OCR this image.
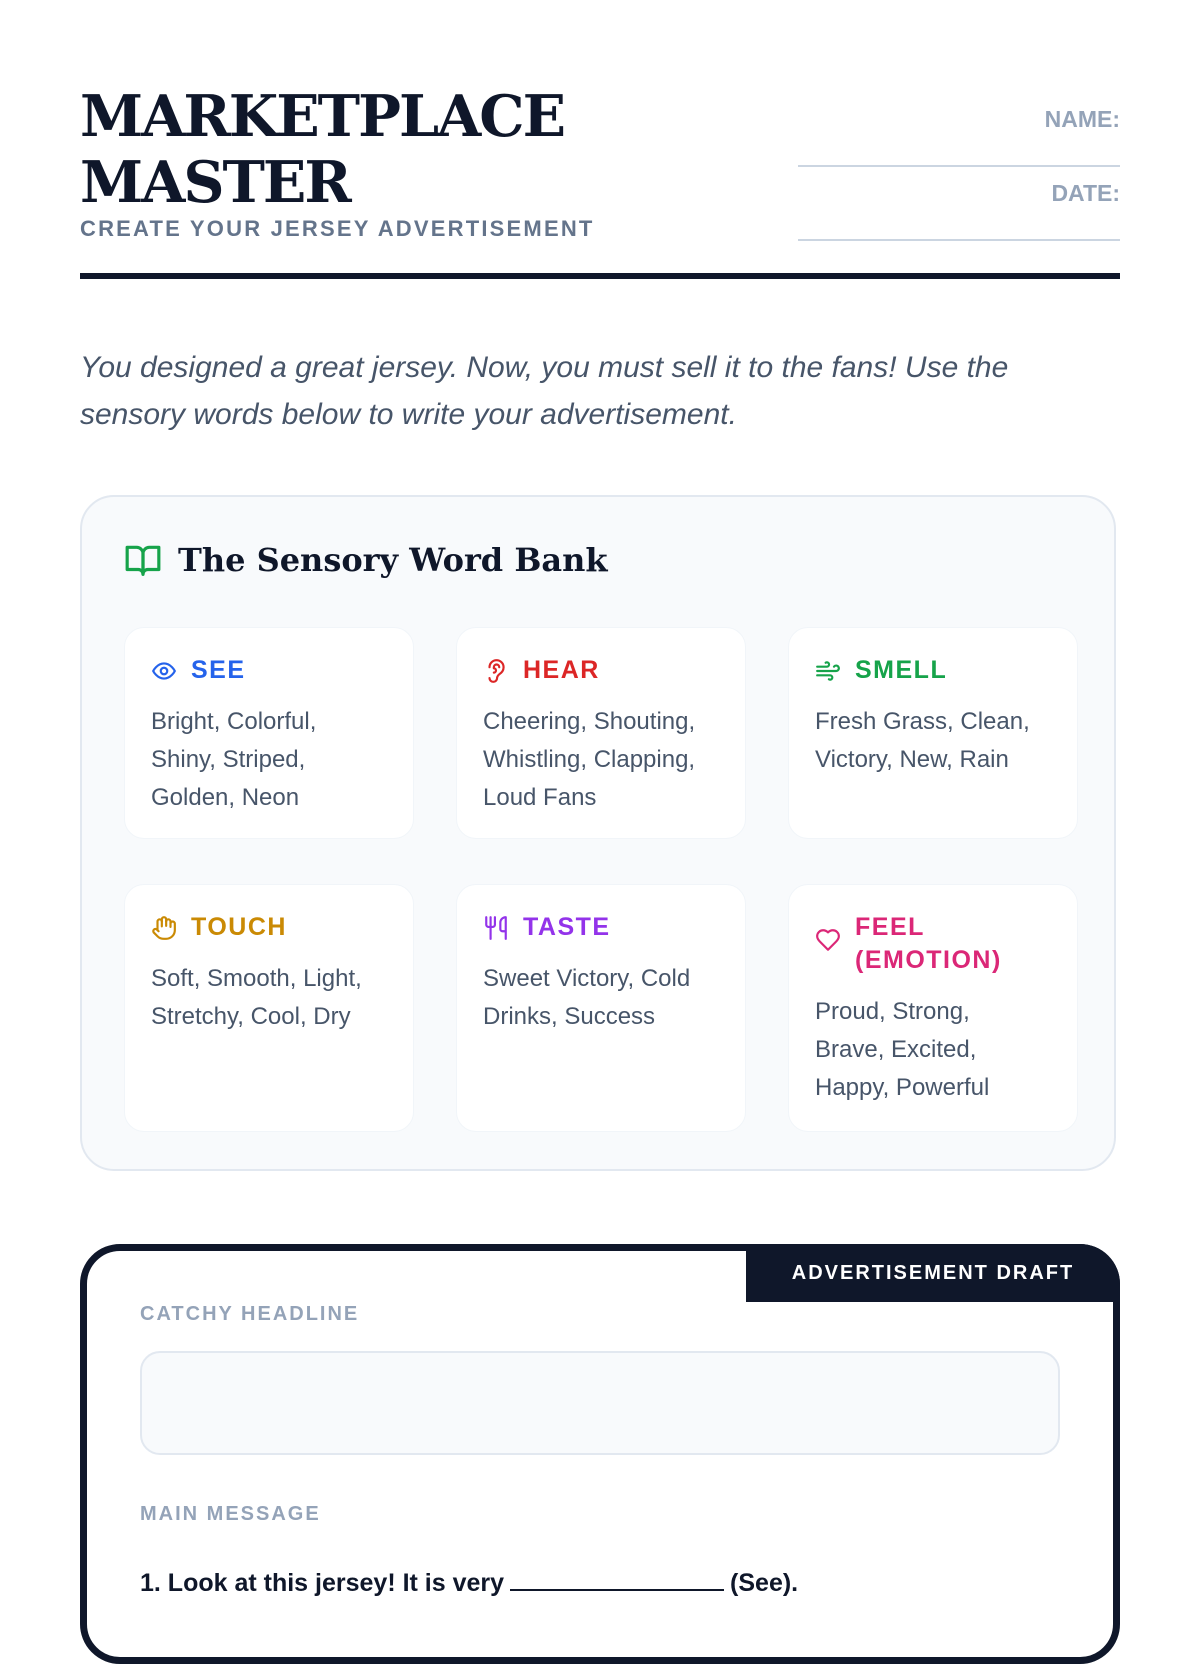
MARKETPLACE
MASTER
CREATE YOUR JERSEY ADVERTISEMENT
NAME:
DATE:

You designed a great jersey. Now, you must sell it to the fans! Use the sensory words below to write your advertisement.

The Sensory Word Bank
SEE
Bright, Colorful, Shiny, Striped, Golden, Neon
HEAR
Cheering, Shouting, Whistling, Clapping, Loud Fans
SMELL
Fresh Grass, Clean, Victory, New, Rain
TOUCH
Soft, Smooth, Light, Stretchy, Cool, Dry
TASTE
Sweet Victory, Cold Drinks, Success
FEEL (EMOTION)
Proud, Strong, Brave, Excited, Happy, Powerful
ADVERTISEMENT DRAFT
CATCHY HEADLINE
MAIN MESSAGE
1. Look at this jersey! It is very	(See).
